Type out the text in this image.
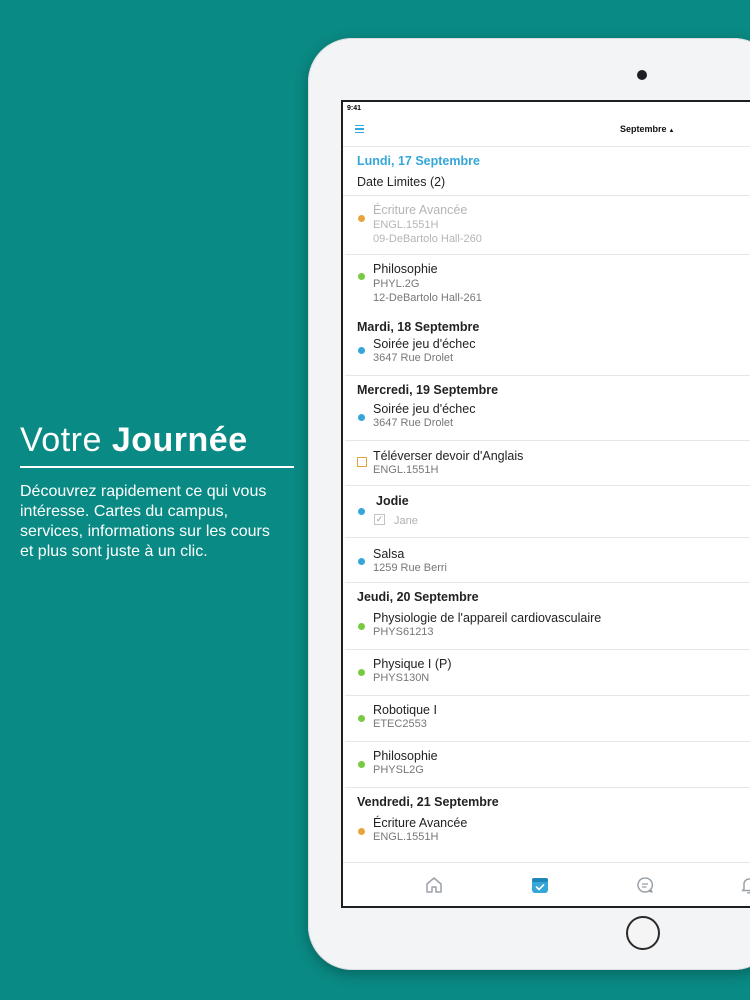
Votre Journée

Découvrez rapidement ce qui vous intéresse. Cartes du campus, services, informations sur les cours et plus sont juste à un clic.

9:41
Septembre ▲
Lundi, 17 Septembre
Date Limites (2)
Écriture Avancée
ENGL.1551H
09-DeBartolo Hall-260
Philosophie
PHYL.2G
12-DeBartolo Hall-261
Mardi, 18 Septembre
Soirée jeu d'échec
3647 Rue Drolet
Mercredi, 19 Septembre
Soirée jeu d'échec
3647 Rue Drolet
Téléverser devoir d'Anglais
ENGL.1551H
Jodie
✓ Jane
Salsa
1259 Rue Berri
Jeudi, 20 Septembre
Physiologie de l'appareil cardiovasculaire
PHYS61213
Physique I (P)
PHYS130N
Robotique I
ETEC2553
Philosophie
PHYSL2G
Vendredi, 21 Septembre
Écriture Avancée
ENGL.1551H
